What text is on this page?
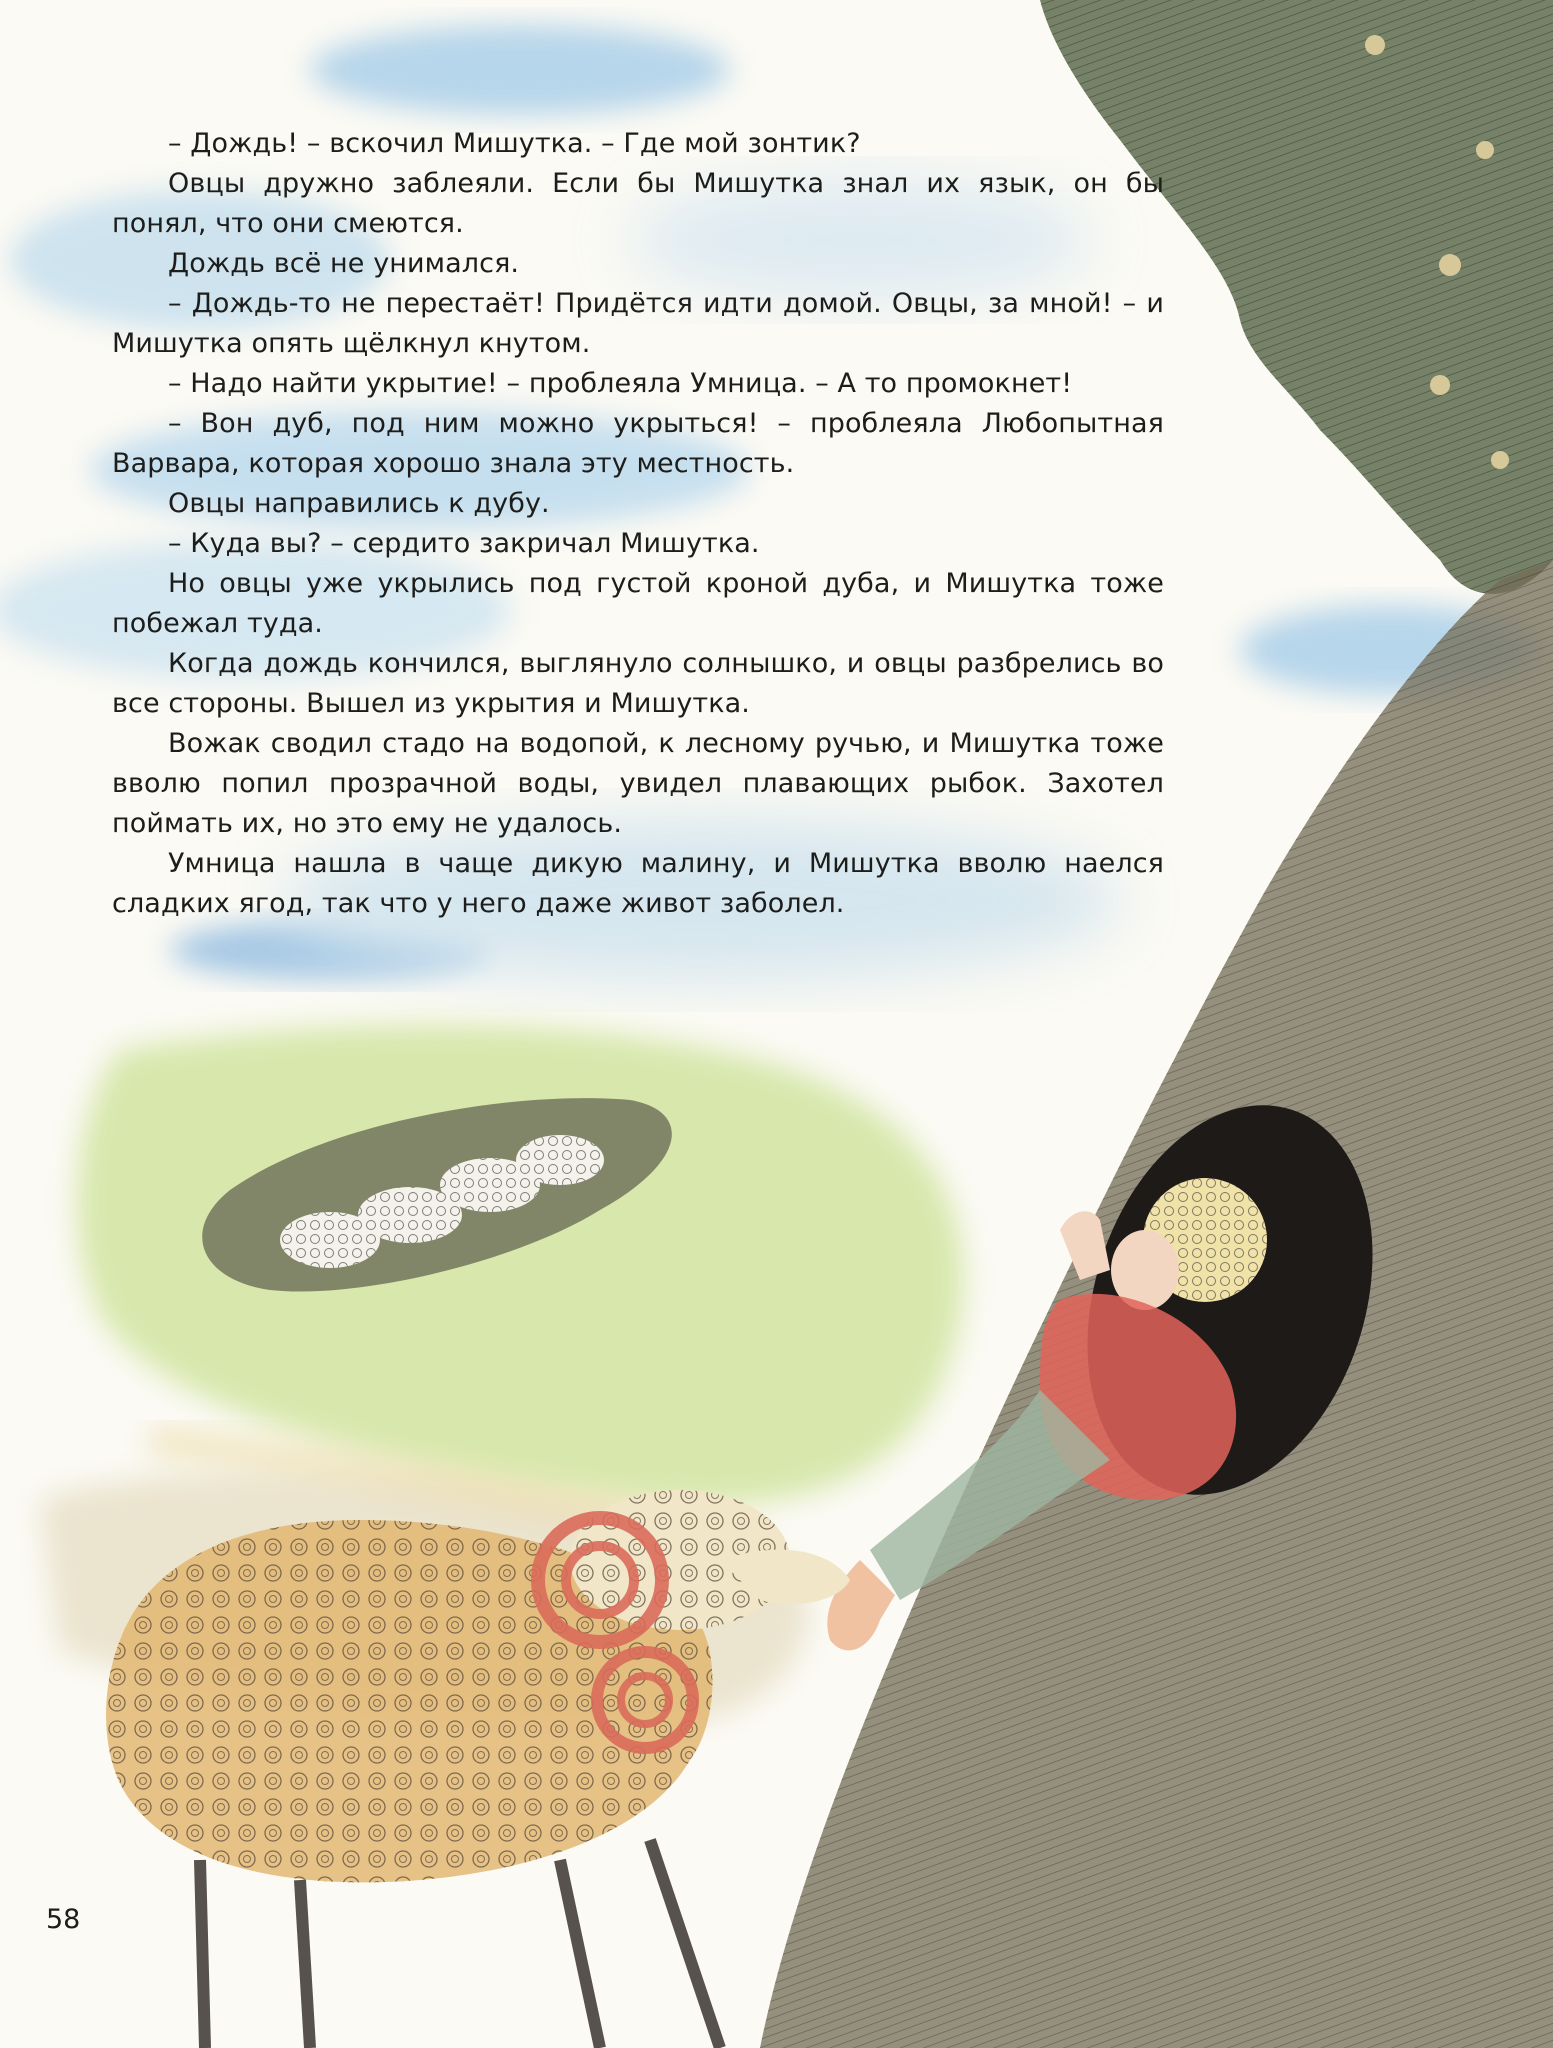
– Дождь! – вскочил Мишутка. – Где мой зонтик?

Овцы дружно заблеяли. Если бы Мишутка знал их язык, он бы понял, что они смеются.

Дождь всё не унимался.

– Дождь-то не перестаёт! Придётся идти домой. Овцы, за мной! – и Мишутка опять щёлкнул кнутом.

– Надо найти укрытие! – проблеяла Умница. – А то промокнет!

– Вон дуб, под ним можно укрыться! – проблеяла Любопытная Варвара, которая хорошо знала эту местность.

Овцы направились к дубу.

– Куда вы? – сердито закричал Мишутка.

Но овцы уже укрылись под густой кроной дуба, и Мишутка тоже побежал туда.

Когда дождь кончился, выглянуло солнышко, и овцы разбрелись во все стороны. Вышел из укрытия и Мишутка.

Вожак сводил стадо на водопой, к лесному ручью, и Мишутка тоже вволю попил прозрачной воды, увидел плавающих рыбок. Захотел поймать их, но это ему не удалось.

Умница нашла в чаще дикую малину, и Мишутка вволю наелся сладких ягод, так что у него даже живот заболел.

58
